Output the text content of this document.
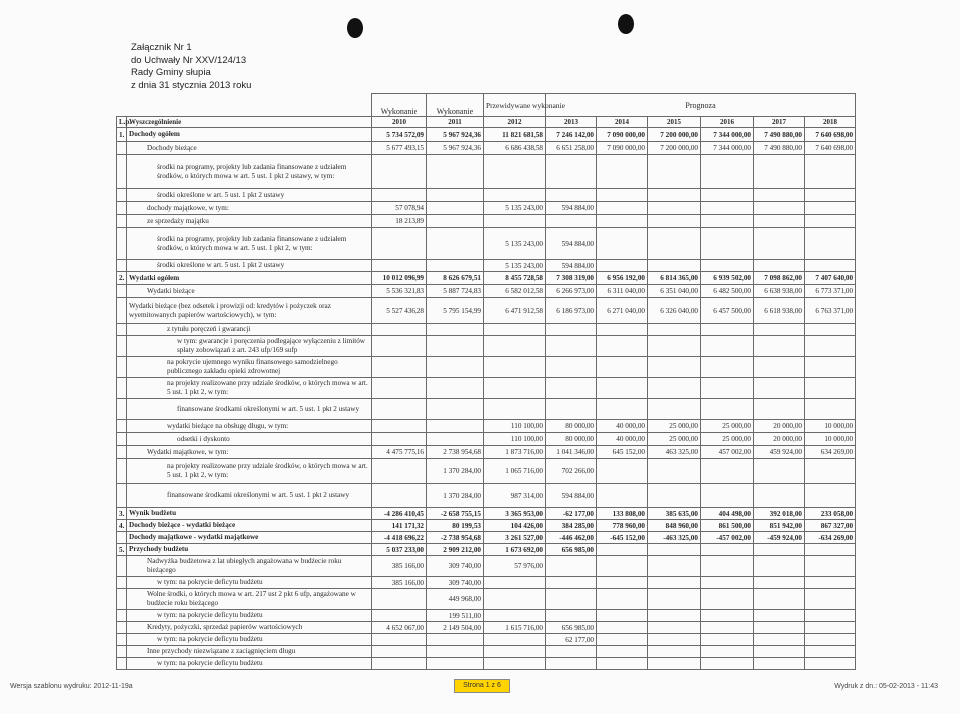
Załącznik Nr 1
do Uchwały Nr XXV/124/13
Rady Gminy słupia
z dnia 31 stycznia 2013 roku
		Wykonanie	Wykonanie	Przewidywane wykonanie	Prognoza					
L.p.	Wyszczególnienie	2010	2011	2012	2013	2014	2015	2016	2017	2018
1.	Dochody ogółem	5 734 572,09	5 967 924,36	11 821 681,58	7 246 142,00	7 090 000,00	7 200 000,00	7 344 000,00	7 490 880,00	7 640 698,00
	Dochody bieżące	5 677 493,15	5 967 924,36	6 686 438,58	6 651 258,00	7 090 000,00	7 200 000,00	7 344 000,00	7 490 880,00	7 640 698,00
	środki na programy, projekty lub zadania finansowane z udziałem środków, o których mowa w art. 5 ust. 1 pkt 2 ustawy, w tym:									
	środki określone w art. 5 ust. 1 pkt 2 ustawy									
	dochody majątkowe, w tym:	57 078,94		5 135 243,00	594 884,00					
	ze sprzedaży majątku	18 213,89								
	środki na programy, projekty lub zadania finansowane z udziałem środków, o których mowa w art. 5 ust. 1 pkt 2, w tym:			5 135 243,00	594 884,00					
	środki określone w art. 5 ust. 1 pkt 2 ustawy			5 135 243,00	594 884,00					
2.	Wydatki ogółem	10 012 096,99	8 626 679,51	8 455 728,58	7 308 319,00	6 956 192,00	6 814 365,00	6 939 502,00	7 098 862,00	7 407 640,00
	Wydatki bieżące	5 536 321,83	5 887 724,83	6 582 012,58	6 266 973,00	6 311 040,00	6 351 040,00	6 482 500,00	6 638 938,00	6 773 371,00
	Wydatki bieżące (bez odsetek i prowizji od: kredytów i pożyczek oraz wyemitowanych papierów wartościowych), w tym:	5 527 436,28	5 795 154,99	6 471 912,58	6 186 973,00	6 271 040,00	6 326 040,00	6 457 500,00	6 618 938,00	6 763 371,00
	z tytułu poręczeń i gwarancji									
	w tym: gwarancje i poręczenia podlegające wyłączeniu z limitów spłaty zobowiązań z art. 243 ufp/169 sufp									
	na pokrycie ujemnego wyniku finansowego samodzielnego publicznego zakładu opieki zdrowotnej									
	na projekty realizowane przy udziale środków, o których mowa w art. 5 ust. 1 pkt 2, w tym:									
	finansowane środkami określonymi w art. 5 ust. 1 pkt 2 ustawy									
	wydatki bieżące na obsługę długu, w tym:			110 100,00	80 000,00	40 000,00	25 000,00	25 000,00	20 000,00	10 000,00
	odsetki i dyskonto			110 100,00	80 000,00	40 000,00	25 000,00	25 000,00	20 000,00	10 000,00
	Wydatki majątkowe, w tym:	4 475 775,16	2 738 954,68	1 873 716,00	1 041 346,00	645 152,00	463 325,00	457 002,00	459 924,00	634 269,00
	na projekty realizowane przy udziale środków, o których mowa w art. 5 ust. 1 pkt 2, w tym:		1 370 284,00	1 065 716,00	702 266,00					
	finansowane środkami określonymi w art. 5 ust. 1 pkt 2 ustawy		1 370 284,00	987 314,00	594 884,00					
3.	Wynik budżetu	-4 286 410,45	-2 658 755,15	3 365 953,00	-62 177,00	133 808,00	385 635,00	404 498,00	392 018,00	233 058,00
4.	Dochody bieżące - wydatki bieżące	141 171,32	80 199,53	104 426,00	384 285,00	778 960,00	848 960,00	861 500,00	851 942,00	867 327,00
	Dochody majątkowe - wydatki majątkowe	-4 418 696,22	-2 738 954,68	3 261 527,00	-446 462,00	-645 152,00	-463 325,00	-457 002,00	-459 924,00	-634 269,00
5.	Przychody budżetu	5 037 233,00	2 909 212,00	1 673 692,00	656 985,00					
	Nadwyżka budżetowa z lat ubiegłych angażowana w budżecie roku bieżącego	385 166,00	309 740,00	57 976,00						
	w tym: na pokrycie deficytu budżetu	385 166,00	309 740,00							
	Wolne środki, o których mowa w art. 217 ust 2 pkt 6 ufp, angażowane w budżecie roku bieżącego		449 968,00							
	w tym: na pokrycie deficytu budżetu		199 511,00							
	Kredyty, pożyczki, sprzedaż papierów wartościowych	4 652 067,00	2 149 504,00	1 615 716,00	656 985,00					
	w tym: na pokrycie deficytu budżetu				62 177,00					
	Inne przychody niezwiązane z zaciągnięciem długu									
	w tym: na pokrycie deficytu budżetu									
Wersja szablonu wydruku: 2012-11-19a	Strona 1 z 6	Wydruk z dn.: 05-02-2013 - 11:43
